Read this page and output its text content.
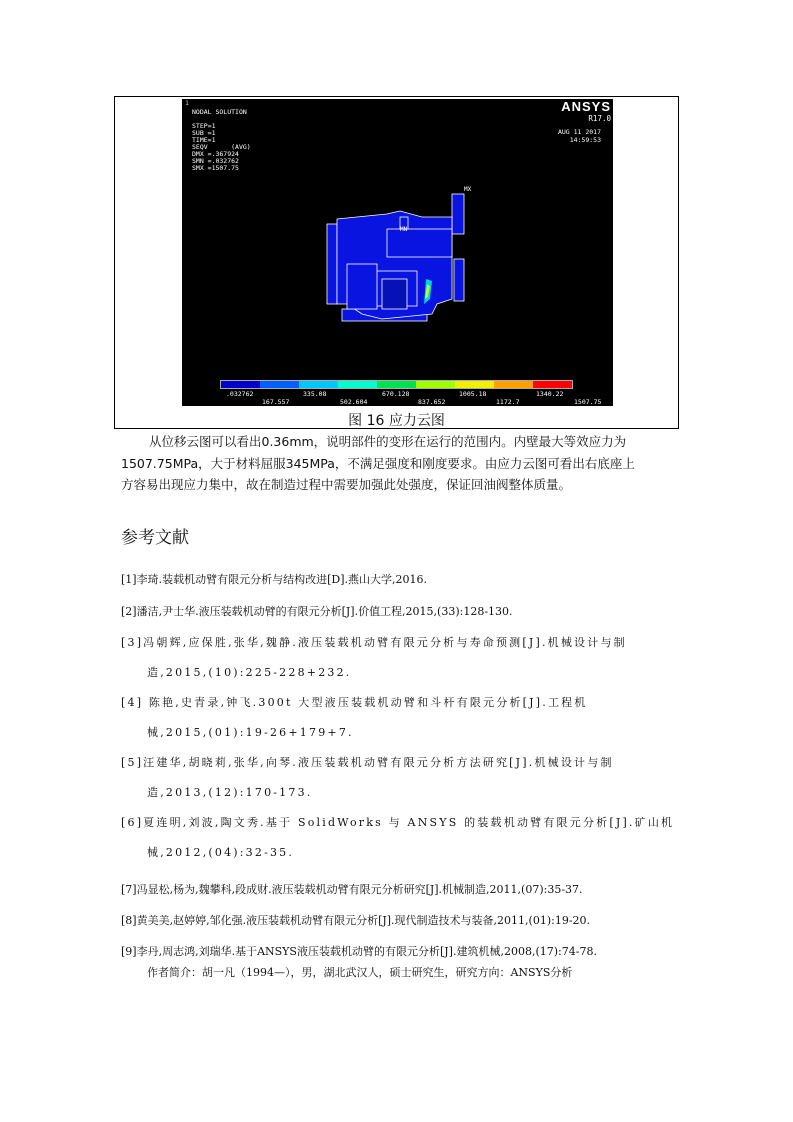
1
NODAL SOLUTION
STEP=1
SUB =1
TIME=1
SEQV      (AVG)
DMX =.367924
SMN =.032762
SMX =1507.75
ANSYS
R17.0
AUG 11 2017
14:59:53
MX
MN
.032762	335.08	670.128	1005.18	1340.22
167.557	502.604	837.652	1172.7	1507.75
图 16 应力云图

从位移云图可以看出0.36mm，说明部件的变形在运行的范围内。内壁最大等效应力为

1507.75MPa，大于材料屈服345MPa，不满足强度和刚度要求。由应力云图可看出右底座上

方容易出现应力集中，故在制造过程中需要加强此处强度，保证回油阀整体质量。

参考文献
[1]李琦.装载机动臂有限元分析与结构改进[D].燕山大学,2016.
[2]潘洁,尹士华.液压装载机动臂的有限元分析[J].价值工程,2015,(33):128-130.
[3]冯朝辉,应保胜,张华,魏静.液压装载机动臂有限元分析与寿命预测[J].机械设计与制
造,2015,(10):225-228+232.
[4] 陈艳,史青录,钟飞.300t 大型液压装载机动臂和斗杆有限元分析[J].工程机
械,2015,(01):19-26+179+7.
[5]汪建华,胡晓莉,张华,向琴.液压装载机动臂有限元分析方法研究[J].机械设计与制
造,2013,(12):170-173.
[6]夏连明,刘波,陶文秀.基于 SolidWorks 与 ANSYS 的装载机动臂有限元分析[J].矿山机
械,2012,(04):32-35.
[7]冯显松,杨为,魏攀科,段成财.液压装载机动臂有限元分析研究[J].机械制造,2011,(07):35-37.
[8]黄美美,赵婷婷,邹化强.液压装载机动臂有限元分析[J].现代制造技术与装备,2011,(01):19-20.
[9]李丹,周志鸿,刘瑞华.基于ANSYS液压装载机动臂的有限元分析[J].建筑机械,2008,(17):74-78.
作者简介：胡一凡（1994—），男，湖北武汉人，硕士研究生，研究方向：ANSYS分析
